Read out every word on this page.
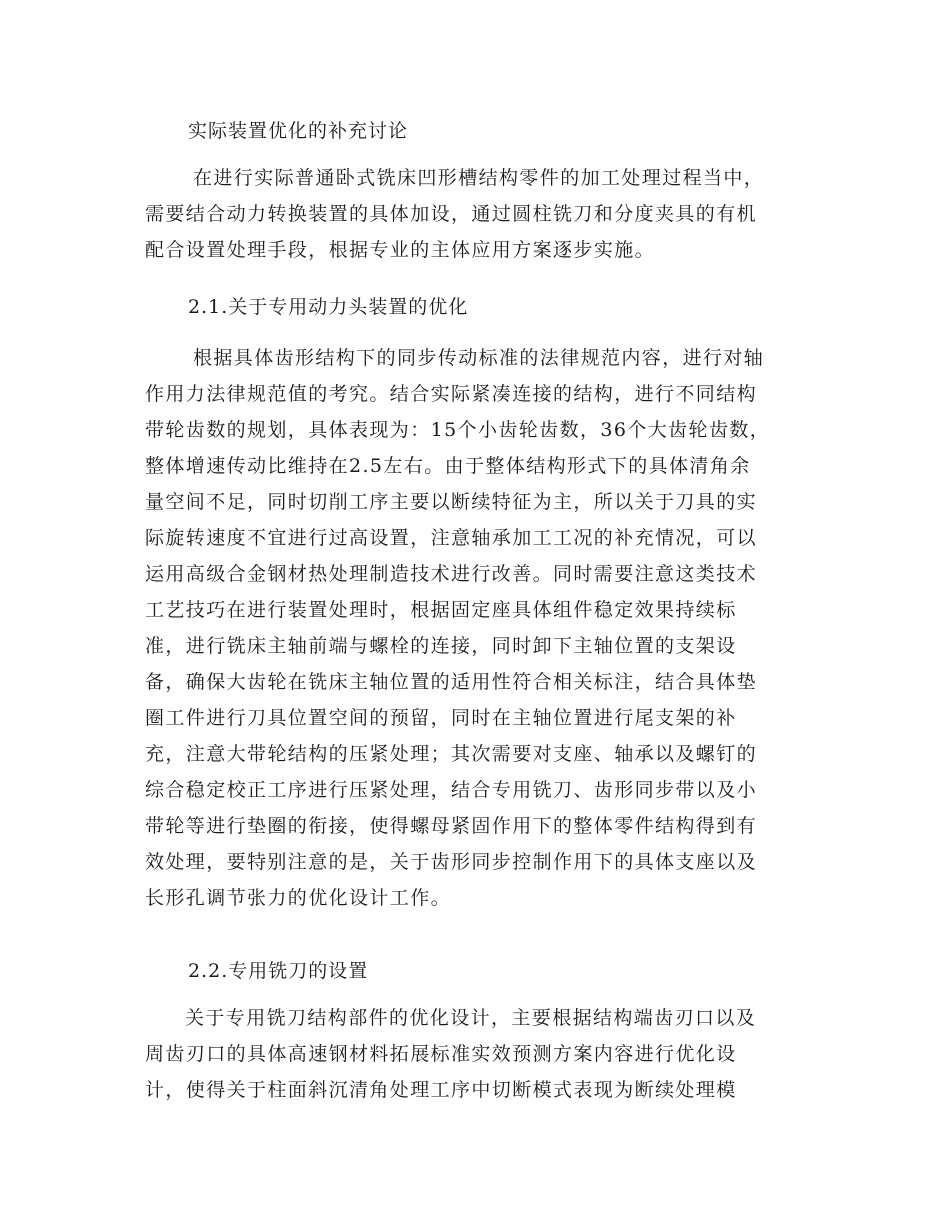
实际装置优化的补充讨论
在进行实际普通卧式铣床凹形槽结构零件的加工处理过程当中，
需要结合动力转换装置的具体加设，通过圆柱铣刀和分度夹具的有机
配合设置处理手段，根据专业的主体应用方案逐步实施。
2.1.关于专用动力头装置的优化
根据具体齿形结构下的同步传动标准的法律规范内容，进行对轴
作用力法律规范值的考究。结合实际紧凑连接的结构，进行不同结构
带轮齿数的规划，具体表现为：15个小齿轮齿数，36个大齿轮齿数，
整体增速传动比维持在2.5左右。由于整体结构形式下的具体清角余
量空间不足，同时切削工序主要以断续特征为主，所以关于刀具的实
际旋转速度不宜进行过高设置，注意轴承加工工况的补充情况，可以
运用高级合金钢材热处理制造技术进行改善。同时需要注意这类技术
工艺技巧在进行装置处理时，根据固定座具体组件稳定效果持续标
准，进行铣床主轴前端与螺栓的连接，同时卸下主轴位置的支架设
备，确保大齿轮在铣床主轴位置的适用性符合相关标注，结合具体垫
圈工件进行刀具位置空间的预留，同时在主轴位置进行尾支架的补
充，注意大带轮结构的压紧处理；其次需要对支座、轴承以及螺钉的
综合稳定校正工序进行压紧处理，结合专用铣刀、齿形同步带以及小
带轮等进行垫圈的衔接，使得螺母紧固作用下的整体零件结构得到有
效处理，要特别注意的是，关于齿形同步控制作用下的具体支座以及
长形孔调节张力的优化设计工作。
2.2.专用铣刀的设置
关于专用铣刀结构部件的优化设计，主要根据结构端齿刃口以及
周齿刃口的具体高速钢材料拓展标准实效预测方案内容进行优化设
计，使得关于柱面斜沉清角处理工序中切断模式表现为断续处理模
